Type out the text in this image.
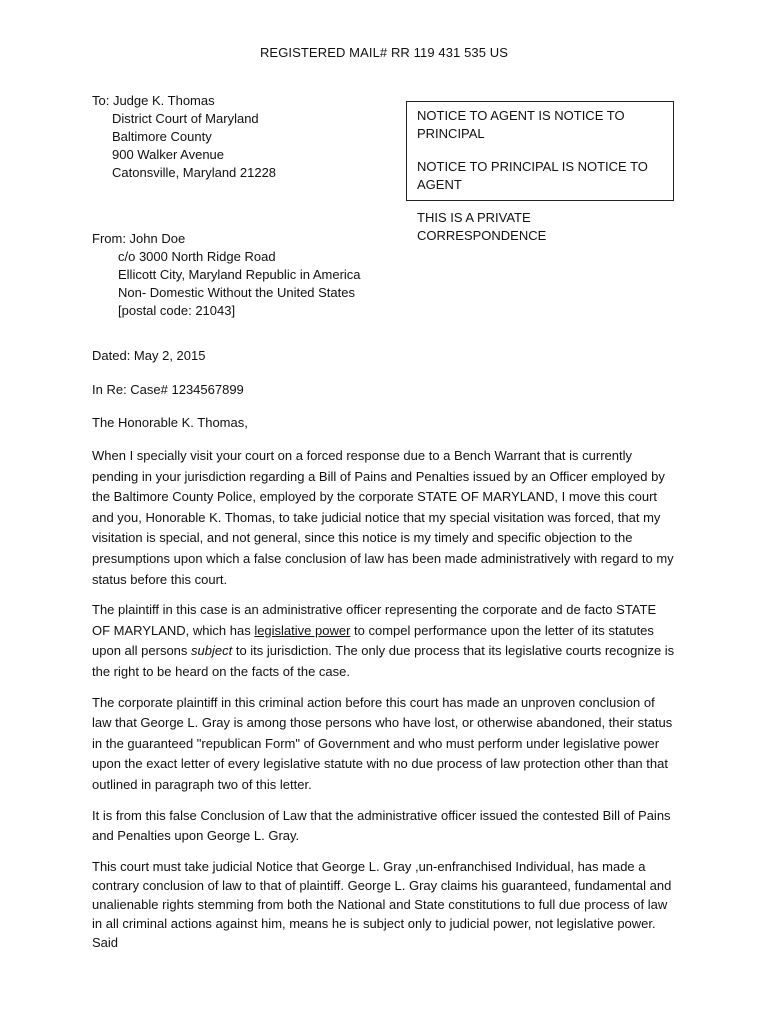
REGISTERED MAIL# RR 119 431 535 US
To: Judge K. Thomas
District Court of Maryland
Baltimore County
900 Walker Avenue
Catonsville, Maryland 21228
NOTICE TO AGENT IS NOTICE TO PRINCIPAL
NOTICE TO PRINCIPAL IS NOTICE TO AGENT
THIS IS A PRIVATE CORRESPONDENCE
From: John Doe
c/o 3000 North Ridge Road
Ellicott City, Maryland Republic in America
Non- Domestic Without the United States
[postal code: 21043]
Dated: May 2, 2015
In Re: Case# 1234567899
The Honorable K. Thomas,

When I specially visit your court on a forced response due to a Bench Warrant that is currently pending in your jurisdiction regarding a Bill of Pains and Penalties issued by an Officer employed by the Baltimore County Police, employed by the corporate STATE OF MARYLAND, I move this court and you, Honorable K. Thomas, to take judicial notice that my special visitation was forced, that my visitation is special, and not general, since this notice is my timely and specific objection to the presumptions upon which a false conclusion of law has been made administratively with regard to my status before this court.

The plaintiff in this case is an administrative officer representing the corporate and de facto STATE OF MARYLAND, which has legislative power to compel performance upon the letter of its statutes upon all persons subject to its jurisdiction. The only due process that its legislative courts recognize is the right to be heard on the facts of the case.

The corporate plaintiff in this criminal action before this court has made an unproven conclusion of law that George L. Gray is among those persons who have lost, or otherwise abandoned, their status in the guaranteed "republican Form" of Government and who must perform under legislative power upon the exact letter of every legislative statute with no due process of law protection other than that outlined in paragraph two of this letter.

It is from this false Conclusion of Law that the administrative officer issued the contested Bill of Pains and Penalties upon George L. Gray.

This court must take judicial Notice that George L. Gray ,un-enfranchised Individual, has made a contrary conclusion of law to that of plaintiff. George L. Gray claims his guaranteed, fundamental and unalienable rights stemming from both the National and State constitutions to full due process of law in all criminal actions against him, means he is subject only to judicial power, not legislative power. Said
